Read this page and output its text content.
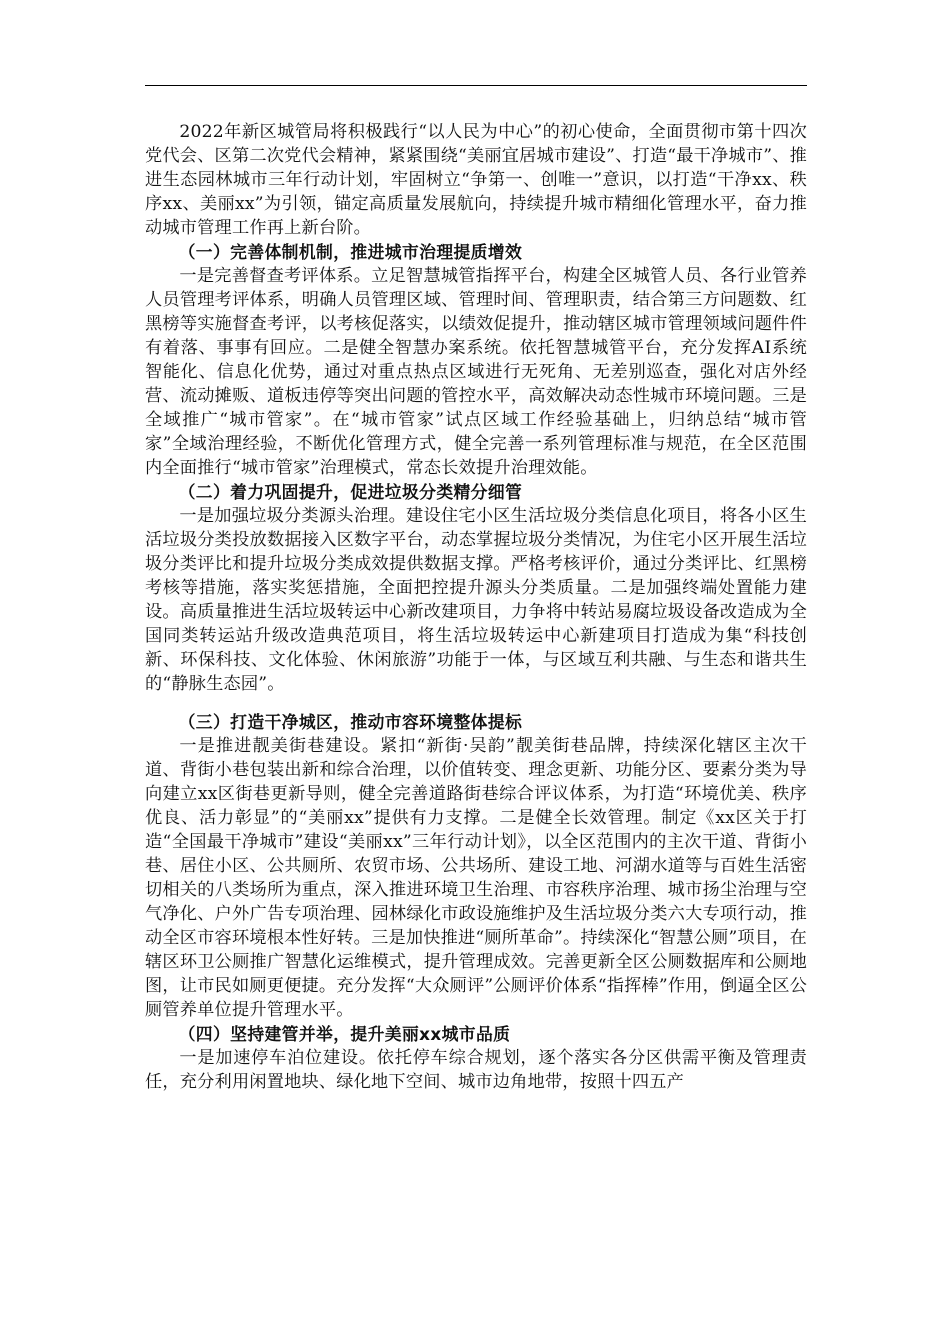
2022年新区城管局将积极践行“以人民为中心”的初心使命，全面贯彻市第十四次党代会、区第二次党代会精神，紧紧围绕“美丽宜居城市建设”、打造“最干净城市”、推进生态园林城市三年行动计划，牢固树立“争第一、创唯一”意识，以打造“干净xx、秩序xx、美丽xx”为引领，锚定高质量发展航向，持续提升城市精细化管理水平，奋力推动城市管理工作再上新台阶。

（一）完善体制机制，推进城市治理提质增效

一是完善督查考评体系。立足智慧城管指挥平台，构建全区城管人员、各行业管养人员管理考评体系，明确人员管理区域、管理时间、管理职责，结合第三方问题数、红黑榜等实施督查考评，以考核促落实，以绩效促提升，推动辖区城市管理领域问题件件有着落、事事有回应。二是健全智慧办案系统。依托智慧城管平台，充分发挥AI系统智能化、信息化优势，通过对重点热点区域进行无死角、无差别巡查，强化对店外经营、流动摊贩、道板违停等突出问题的管控水平，高效解决动态性城市环境问题。三是全域推广“城市管家”。在“城市管家”试点区域工作经验基础上，归纳总结“城市管家”全域治理经验，不断优化管理方式，健全完善一系列管理标准与规范，在全区范围内全面推行“城市管家”治理模式，常态长效提升治理效能。

（二）着力巩固提升，促进垃圾分类精分细管

一是加强垃圾分类源头治理。建设住宅小区生活垃圾分类信息化项目，将各小区生活垃圾分类投放数据接入区数字平台，动态掌握垃圾分类情况，为住宅小区开展生活垃圾分类评比和提升垃圾分类成效提供数据支撑。严格考核评价，通过分类评比、红黑榜考核等措施，落实奖惩措施，全面把控提升源头分类质量。二是加强终端处置能力建设。高质量推进生活垃圾转运中心新改建项目，力争将中转站易腐垃圾设备改造成为全国同类转运站升级改造典范项目，将生活垃圾转运中心新建项目打造成为集“科技创新、环保科技、文化体验、休闲旅游”功能于一体，与区域互利共融、与生态和谐共生的“静脉生态园”。

（三）打造干净城区，推动市容环境整体提标

一是推进靓美街巷建设。紧扣“新街·吴韵”靓美街巷品牌，持续深化辖区主次干道、背街小巷包装出新和综合治理，以价值转变、理念更新、功能分区、要素分类为导向建立xx区街巷更新导则，健全完善道路街巷综合评议体系，为打造“环境优美、秩序优良、活力彰显”的“美丽xx”提供有力支撑。二是健全长效管理。制定《xx区关于打造“全国最干净城市”建设“美丽xx”三年行动计划》，以全区范围内的主次干道、背街小巷、居住小区、公共厕所、农贸市场、公共场所、建设工地、河湖水道等与百姓生活密切相关的八类场所为重点，深入推进环境卫生治理、市容秩序治理、城市扬尘治理与空气净化、户外广告专项治理、园林绿化市政设施维护及生活垃圾分类六大专项行动，推动全区市容环境根本性好转。三是加快推进“厕所革命”。持续深化“智慧公厕”项目，在辖区环卫公厕推广智慧化运维模式，提升管理成效。完善更新全区公厕数据库和公厕地图，让市民如厕更便捷。充分发挥“大众厕评”公厕评价体系“指挥棒”作用，倒逼全区公厕管养单位提升管理水平。

（四）坚持建管并举，提升美丽xx城市品质

一是加速停车泊位建设。依托停车综合规划，逐个落实各分区供需平衡及管理责任，充分利用闲置地块、绿化地下空间、城市边角地带，按照十四五产
